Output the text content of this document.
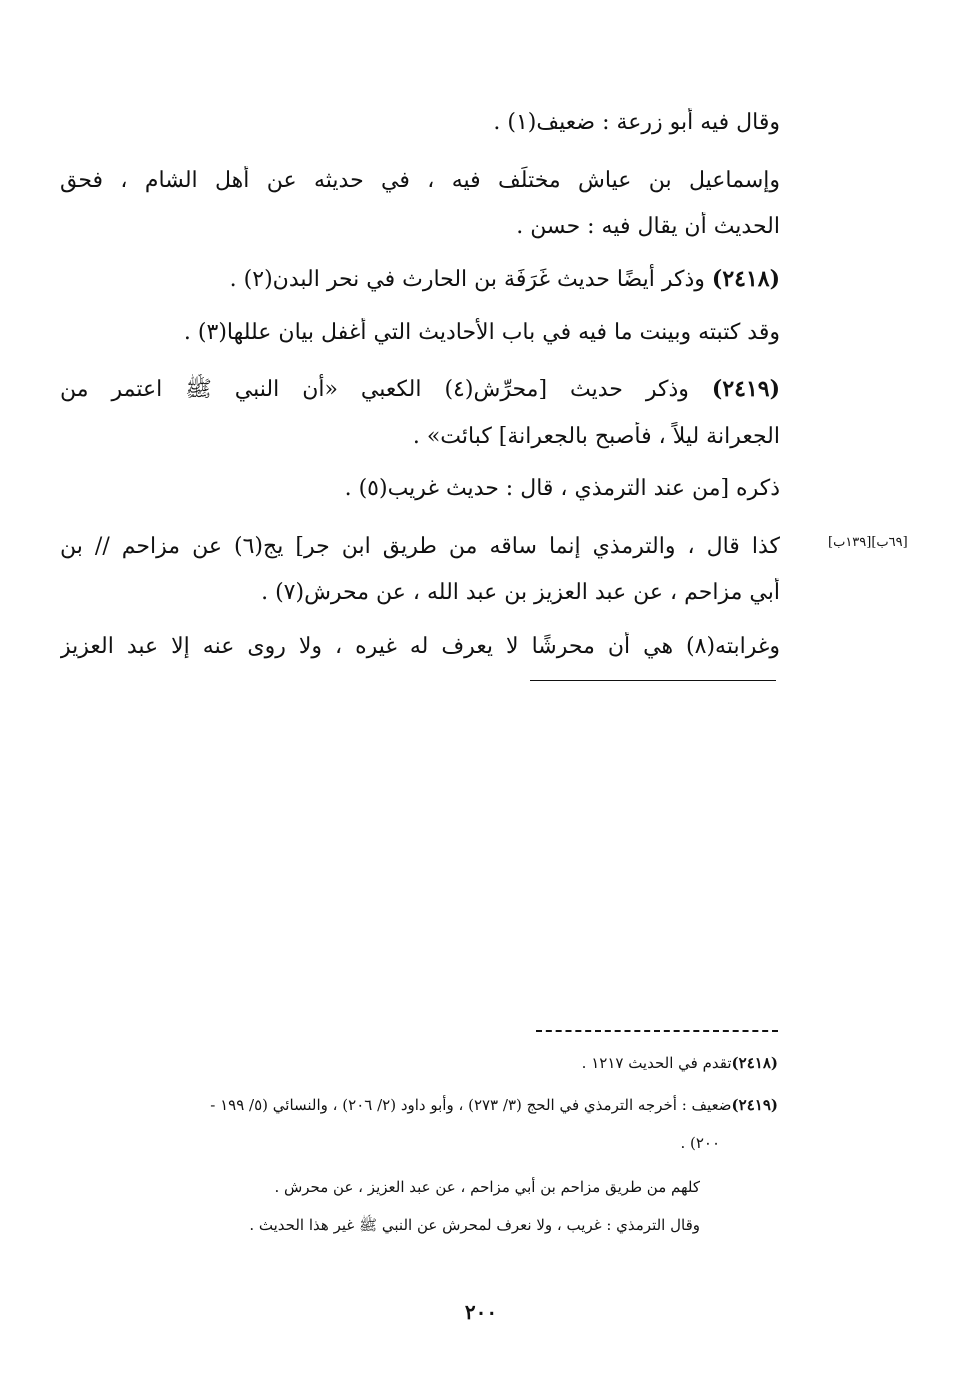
وقال فيه أبو زرعة : ضعيف(١) .
وإسماعيل بن عياش مختلَف فيه ، في حديثه عن أهل الشام ، فحق
الحديث أن يقال فيه : حسن .
(٢٤١٨) وذكر أيضًا حديث غَرَفَة بن الحارث في نحر البدن(٢) .
وقد كتبته وبينت ما فيه في باب الأحاديث التي أغفل بيان عللها(٣) .
(٢٤١٩) وذكر حديث [محرِّش(٤) الكعبي «أن النبي ﷺ اعتمر من
الجعرانة ليلاً ، فأصبح بالجعرانة] كبائت» .
ذكره [من عند الترمذي ، قال : حديث غريب(٥) .
كذا قال ، والترمذي إنما ساقه من طريق ابن جر] يج(٦) عن مزاحم // بن
أبي مزاحم ، عن عبد العزيز بن عبد الله ، عن محرش(٧) .
وغرابته(٨) هي أن محرشًا لا يعرف له غيره ، ولا روى عنه إلا عبد العزيز
[٦٩ب][١٣٩ب]
(٢٤١٨)تقدم في الحديث ١٢١٧ .
(٢٤١٩)ضعيف : أخرجه الترمذي في الحج (٣/ ٢٧٣) ، وأبو داود (٢/ ٢٠٦) ، والنسائي (٥/ ١٩٩ -
٢٠٠) .
كلهم من طريق مزاحم بن أبي مزاحم ، عن عبد العزيز ، عن محرش .
وقال الترمذي : غريب ، ولا نعرف لمحرش عن النبي ﷺ غير هذا الحديث .
٢٠٠
